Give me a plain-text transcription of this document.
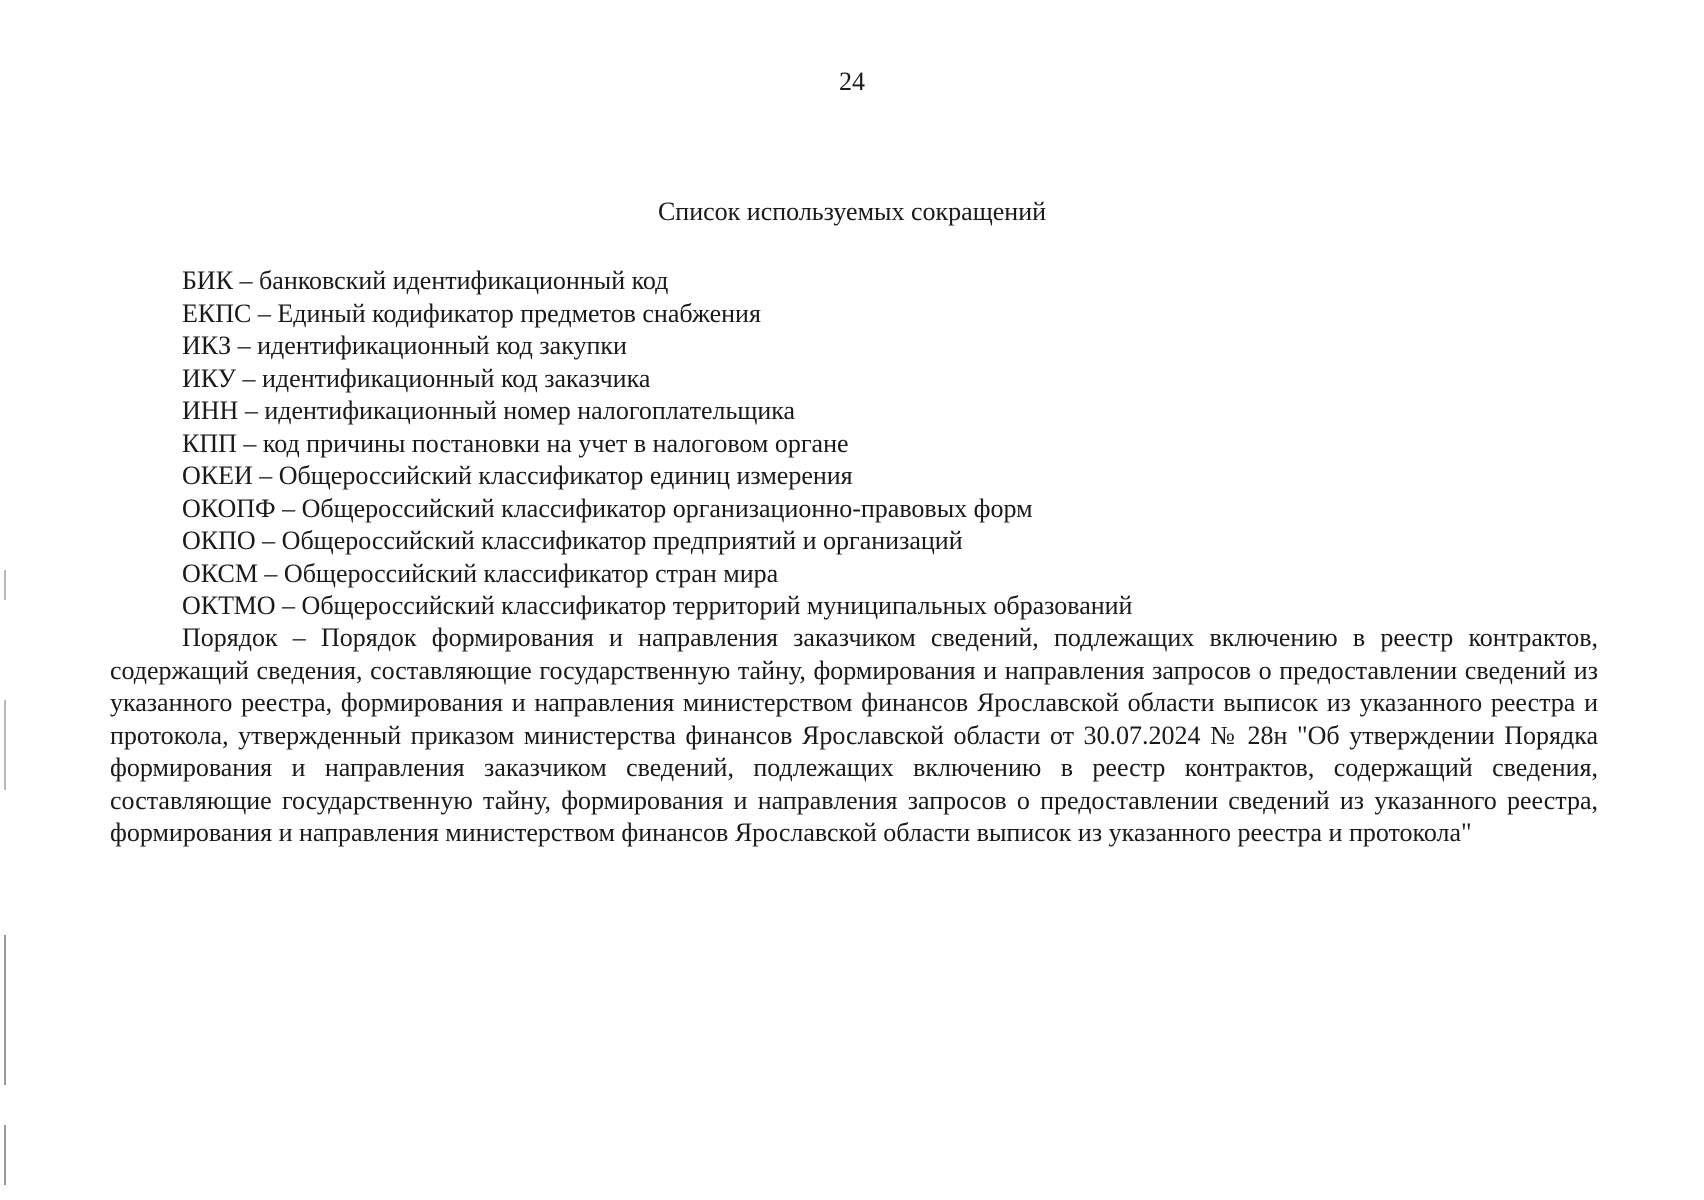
24
Список используемых сокращений
БИК – банковский идентификационный код
ЕКПС – Единый кодификатор предметов снабжения
ИКЗ – идентификационный код закупки
ИКУ – идентификационный код заказчика
ИНН – идентификационный номер налогоплательщика
КПП – код причины постановки на учет в налоговом органе
ОКЕИ – Общероссийский классификатор единиц измерения
ОКОПФ – Общероссийский классификатор организационно-правовых форм
ОКПО – Общероссийский классификатор предприятий и организаций
ОКСМ – Общероссийский классификатор стран мира
ОКТМО – Общероссийский классификатор территорий муниципальных образований

Порядок – Порядок формирования и направления заказчиком сведений, подлежащих включению в реестр контрактов, содержащий сведения, составляющие государственную тайну, формирования и направления запросов о предоставлении сведений из указанного реестра, формирования и направления министерством финансов Ярославской области выписок из указанного реестра и протокола, утвержденный приказом министерства финансов Ярославской области от 30.07.2024 № 28н "Об утверждении Порядка формирования и направления заказчиком сведений, подлежащих включению в реестр контрактов, содержащий сведения, составляющие государственную тайну, формирования и направления запросов о предоставлении сведений из указанного реестра, формирования и направления министерством финансов Ярославской области выписок из указанного реестра и протокола"
